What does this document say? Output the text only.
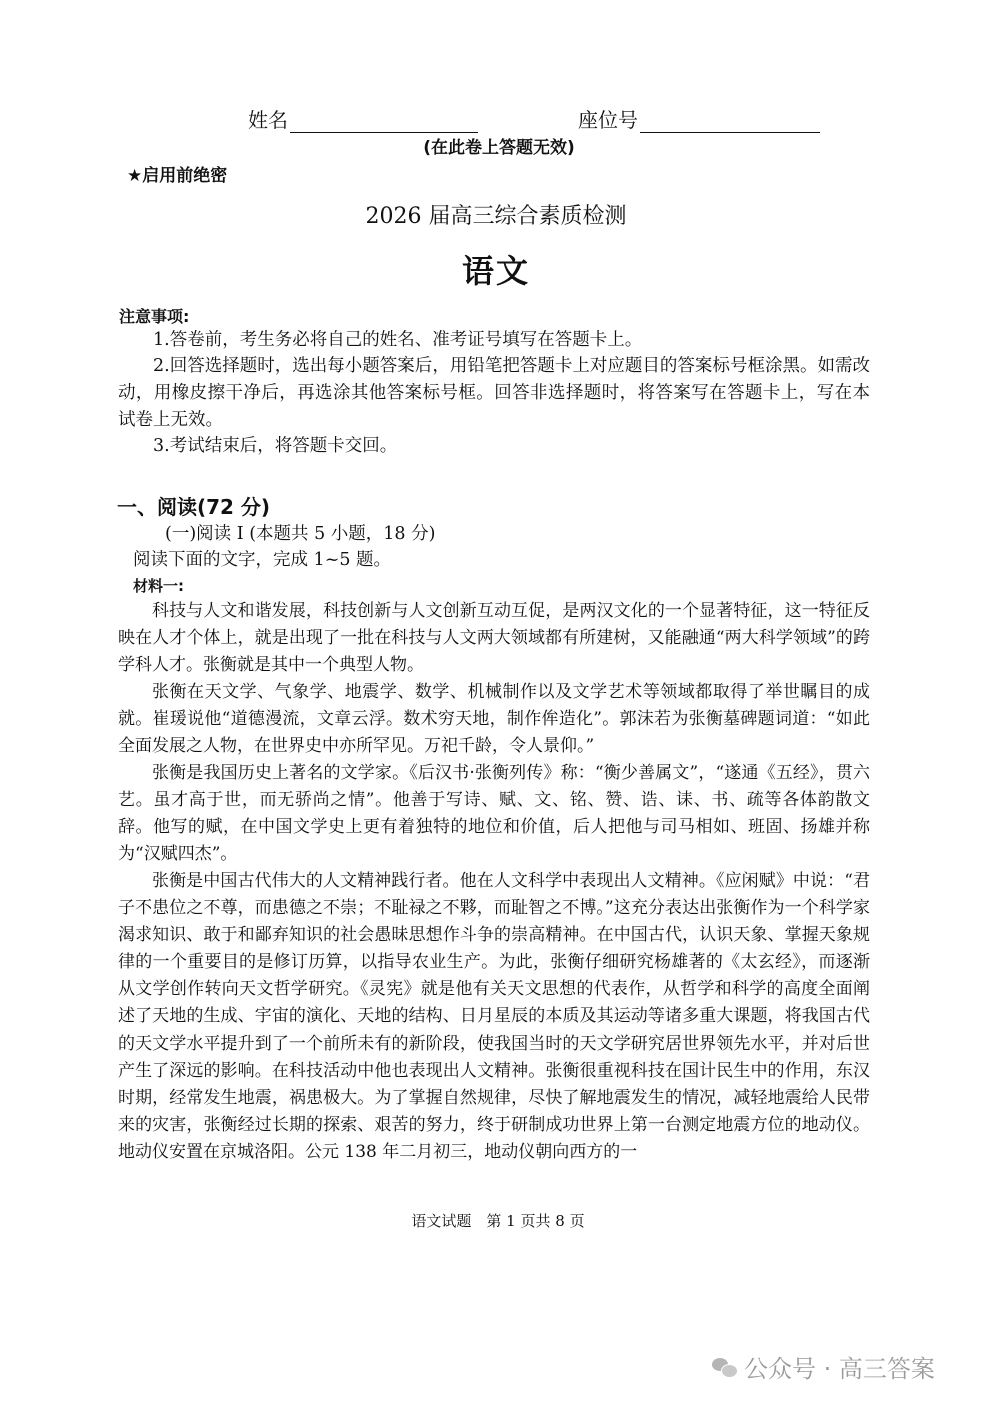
姓名	座位号
(在此卷上答题无效)
★启用前绝密
2026 届高三综合素质检测
语文
注意事项:
1.答卷前，考生务必将自己的姓名、准考证号填写在答题卡上。
2.回答选择题时，选出每小题答案后，用铅笔把答题卡上对应题目的答案标号框涂黑。如需改动，用橡皮擦干净后，再选涂其他答案标号框。回答非选择题时，将答案写在答题卡上，写在本试卷上无效。
3.考试结束后，将答题卡交回。
一、阅读(72 分)
(一)阅读 I (本题共 5 小题，18 分)
阅读下面的文字，完成 1~5 题。
材料一:
科技与人文和谐发展，科技创新与人文创新互动互促，是两汉文化的一个显著特征，这一特征反映在人才个体上，就是出现了一批在科技与人文两大领域都有所建树，又能融通“两大科学领域”的跨学科人才。张衡就是其中一个典型人物。
张衡在天文学、气象学、地震学、数学、机械制作以及文学艺术等领域都取得了举世瞩目的成就。崔瑗说他“道德漫流，文章云浮。数术穷天地，制作侔造化”。郭沫若为张衡墓碑题词道：“如此全面发展之人物，在世界史中亦所罕见。万祀千龄，令人景仰。”
张衡是我国历史上著名的文学家。《后汉书·张衡列传》称：“衡少善属文”，“遂通《五经》，贯六艺。虽才高于世，而无骄尚之情”。他善于写诗、赋、文、铭、赞、诰、诔、书、疏等各体韵散文辞。他写的赋，在中国文学史上更有着独特的地位和价值，后人把他与司马相如、班固、扬雄并称为“汉赋四杰”。
张衡是中国古代伟大的人文精神践行者。他在人文科学中表现出人文精神。《应闲赋》中说：“君子不患位之不尊，而患德之不崇；不耻禄之不夥，而耻智之不博。”这充分表达出张衡作为一个科学家渴求知识、敢于和鄙弃知识的社会愚昧思想作斗争的崇高精神。在中国古代，认识天象、掌握天象规律的一个重要目的是修订历算，以指导农业生产。为此，张衡仔细研究杨雄著的《太玄经》，而逐渐从文学创作转向天文哲学研究。《灵宪》就是他有关天文思想的代表作，从哲学和科学的高度全面阐述了天地的生成、宇宙的演化、天地的结构、日月星辰的本质及其运动等诸多重大课题，将我国古代的天文学水平提升到了一个前所未有的新阶段，使我国当时的天文学研究居世界领先水平，并对后世产生了深远的影响。在科技活动中他也表现出人文精神。张衡很重视科技在国计民生中的作用，东汉时期，经常发生地震，祸患极大。为了掌握自然规律，尽快了解地震发生的情况，减轻地震给人民带来的灾害，张衡经过长期的探索、艰苦的努力，终于研制成功世界上第一台测定地震方位的地动仪。地动仪安置在京城洛阳。公元 138 年二月初三，地动仪朝向西方的一
语文试题　第 1 页共 8 页
公众号 · 高三答案
